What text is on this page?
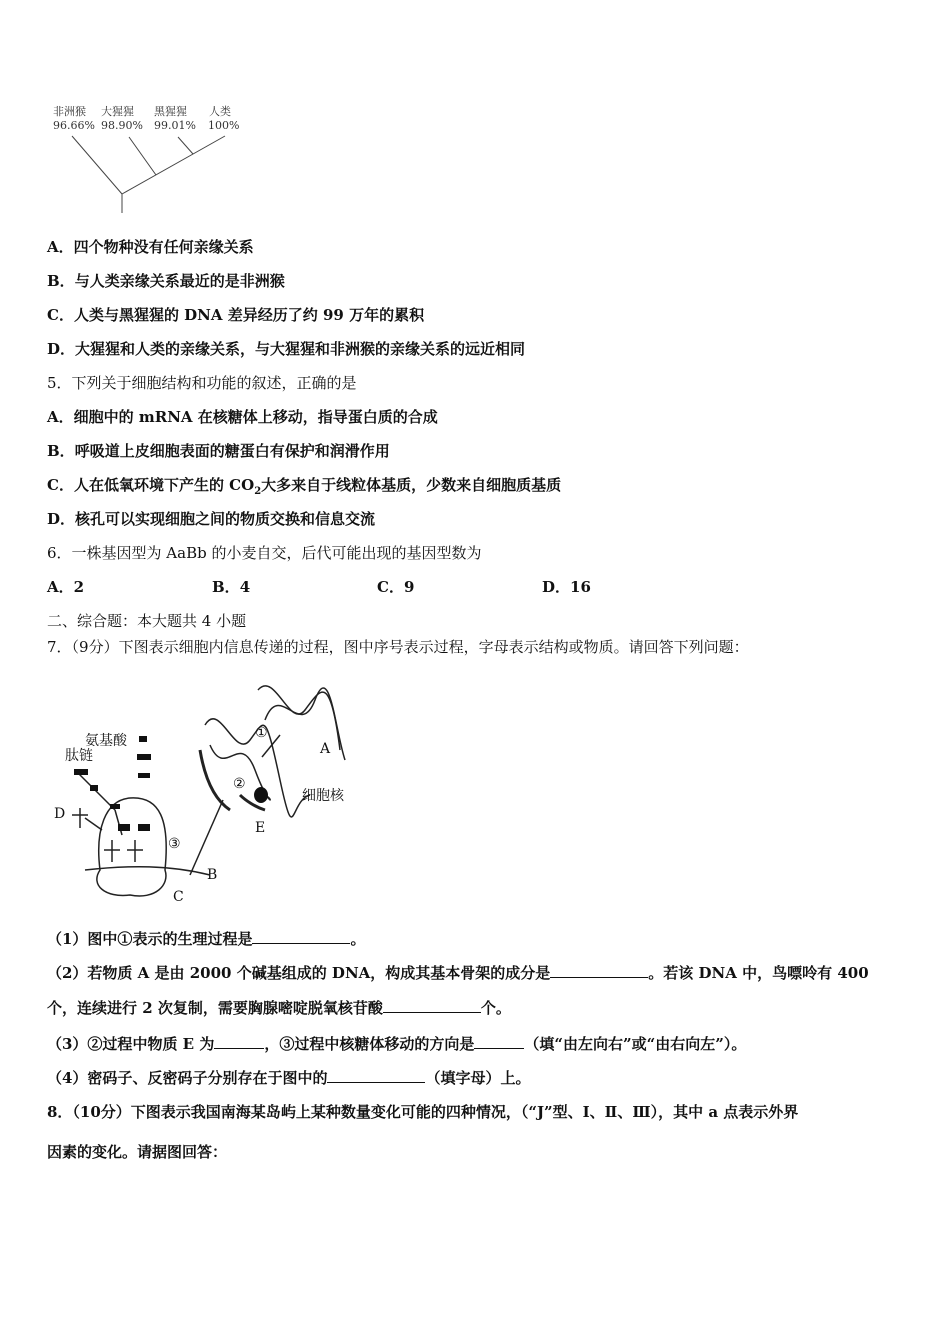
非洲猴
96.66%
大猩猩
98.90%
黑猩猩
99.01%
人类
100%
A．四个物种没有任何亲缘关系
B．与人类亲缘关系最近的是非洲猴
C．人类与黑猩猩的 DNA 差异经历了约 99 万年的累积
D．大猩猩和人类的亲缘关系，与大猩猩和非洲猴的亲缘关系的远近相同
5．下列关于细胞结构和功能的叙述，正确的是
A．细胞中的 mRNA 在核糖体上移动，指导蛋白质的合成
B．呼吸道上皮细胞表面的糖蛋白有保护和润滑作用
C．人在低氧环境下产生的 $CO_2$大多来自于线粒体基质，少数来自细胞质基质
D．核孔可以实现细胞之间的物质交换和信息交流
6．一株基因型为 AaBb 的小麦自交，后代可能出现的基因型数为
A．2	B．4	C．9	D．16
二、综合题：本大题共 4 小题
7．（9分）下图表示细胞内信息传递的过程，图中序号表示过程，字母表示结构或物质。请回答下列问题：
氨基酸
肽链
细胞核
A
B
C
D
E
①
②
③
（1）图中①表示的生理过程是	。
（2）若物质 A 是由 2000 个碱基组成的 DNA，构成其基本骨架的成分是	。若该 DNA 中，鸟嘌呤有 400
个，连续进行 2 次复制，需要胸腺嘧啶脱氧核苷酸	个。
（3）②过程中物质 E 为	，③过程中核糖体移动的方向是	（填“由左向右”或“由右向左”）。
（4）密码子、反密码子分别存在于图中的	（填字母）上。
8．（10分）下图表示我国南海某岛屿上某种数量变化可能的四种情况，（“J”型、Ⅰ、Ⅱ、Ⅲ），其中 a 点表示外界
因素的变化。请据图回答：
